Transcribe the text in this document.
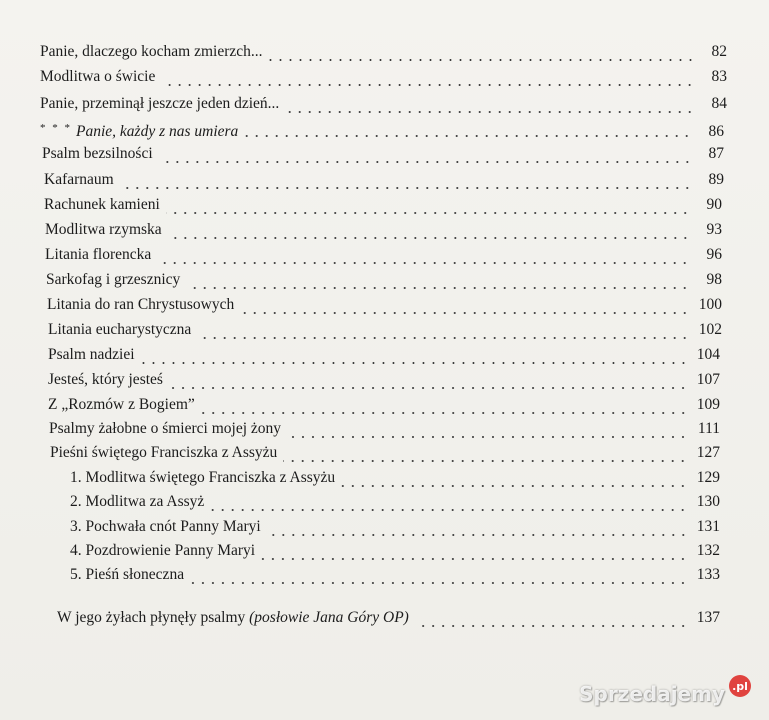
Panie, dlaczego kocham zmierzch...	82
Modlitwa o świcie	83
Panie, przeminął jeszcze jeden dzień...	84
* * * Panie, każdy z nas umiera	86
Psalm bezsilności	87
Kafarnaum	89
Rachunek kamieni	90
Modlitwa rzymska	93
Litania florencka	96
Sarkofag i grzesznicy	98
Litania do ran Chrystusowych	100
Litania eucharystyczna	102
Psalm nadziei	104
Jesteś, który jesteś	107
Z „Rozmów z Bogiem”	109
Psalmy żałobne o śmierci mojej żony	111
Pieśni świętego Franciszka z Assyżu	127
1. Modlitwa świętego Franciszka z Assyżu	129
2. Modlitwa za Assyż	130
3. Pochwała cnót Panny Maryi	131
4. Pozdrowienie Panny Maryi	132
5. Pieśń słoneczna	133
W jego żyłach płynęły psalmy (posłowie Jana Góry OP)	137
Sprzedajemy .pl
